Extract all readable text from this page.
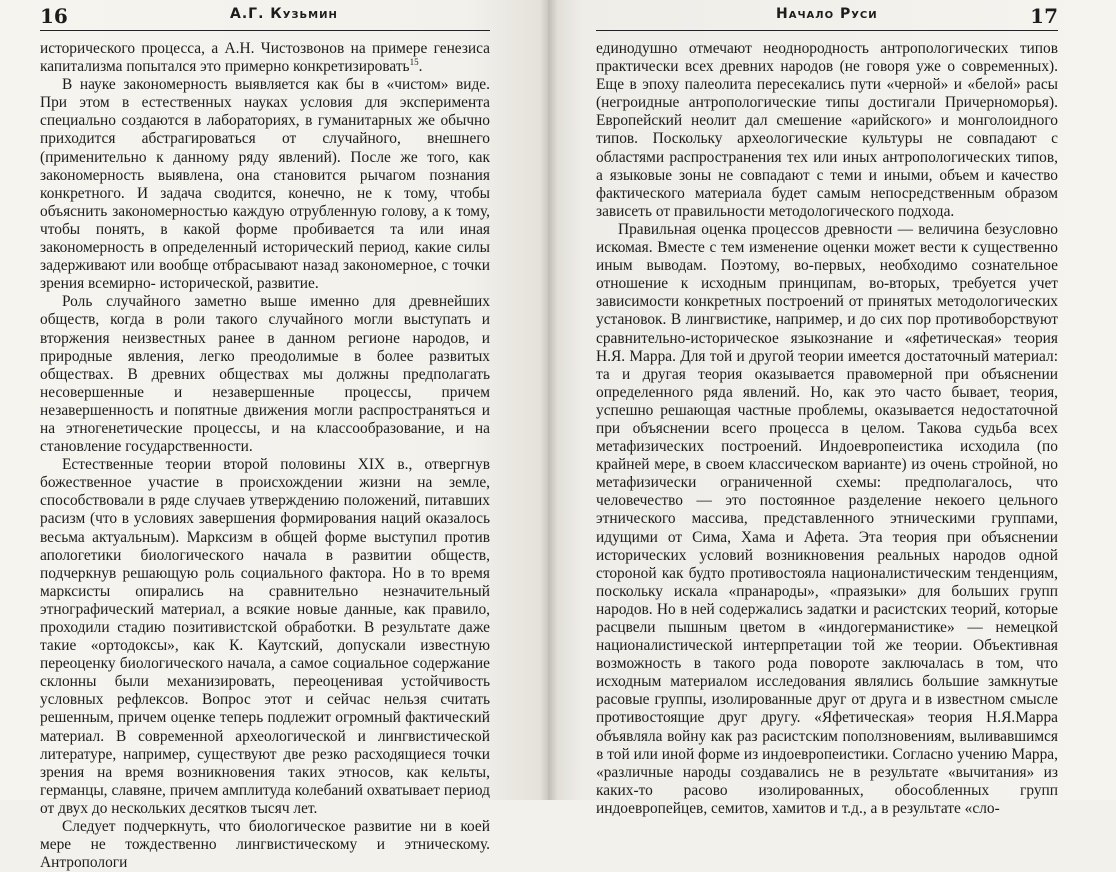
16	А.Г. Кузьмин

исторического процесса, а А.Н. Чистозвонов на примере генезиса капитализма попытался это примерно конкретизировать$^{15}$.

В науке закономерность выявляется как бы в «чистом» виде. При этом в естественных науках условия для эксперимента специально создаются в лабораториях, в гуманитарных же обычно приходится абстрагироваться от случайного, внешнего (применительно к данному ряду явлений). После же того, как закономерность выявлена, она становится рычагом познания конкретного. И задача сводится, конечно, не к тому, чтобы объяснить закономерностью каждую отрубленную голову, а к тому, чтобы понять, в какой форме пробивается та или иная закономерность в определенный исторический период, какие силы задерживают или вообще отбрасывают назад закономерное, с точки зрения всемирно- исторической, развитие.

Роль случайного заметно выше именно для древнейших обществ, когда в роли такого случайного могли выступать и вторжения неизвестных ранее в данном регионе народов, и природные явления, легко преодолимые в более развитых обществах. В древних обществах мы должны предполагать несовершенные и незавершенные процессы, причем незавершенность и попятные движения могли распространяться и на этногенетические процессы, и на классообразование, и на становление государственности.

Естественные теории второй половины XIX в., отвергнув божественное участие в происхождении жизни на земле, способствовали в ряде случаев утверждению положений, питавших расизм (что в условиях завершения формирования наций оказалось весьма актуальным). Марксизм в общей форме выступил против апологетики биологического начала в развитии обществ, подчеркнув решающую роль социального фактора. Но в то время марксисты опирались на сравнительно незначительный этнографический материал, а всякие новые данные, как правило, проходили стадию позитивистской обработки. В результате даже такие «ортодоксы», как К. Каутский, допускали известную переоценку биологического начала, а самое социальное содержание склонны были механизировать, переоценивая устойчивость условных рефлексов. Вопрос этот и сейчас нельзя считать решенным, причем оценке теперь подлежит огромный фактический материал. В современной археологической и лингвистической литературе, например, существуют две резко расходящиеся точки зрения на время возникновения таких этносов, как кельты, германцы, славяне, причем амплитуда колебаний охватывает период от двух до нескольких десятков тысяч лет.

Следует подчеркнуть, что биологическое развитие ни в коей мере не тождественно лингвистическому и этническому. Антропологи

Начало Руси	17

единодушно отмечают неоднородность антропологических типов практически всех древних народов (не говоря уже о современных). Еще в эпоху палеолита пересекались пути «черной» и «белой» расы (негроидные антропологические типы достигали Причерноморья). Европейский неолит дал смешение «арийского» и монголоидного типов. Поскольку археологические культуры не совпадают с областями распространения тех или иных антропологических типов, а языковые зоны не совпадают с теми и иными, объем и качество фактического материала будет самым непосредственным образом зависеть от правильности методологического подхода.

Правильная оценка процессов древности — величина безусловно искомая. Вместе с тем изменение оценки может вести к существенно иным выводам. Поэтому, во-первых, необходимо сознательное отношение к исходным принципам, во-вторых, требуется учет зависимости конкретных построений от принятых методологических установок. В лингвистике, например, и до сих пор противоборствуют сравнительно-историческое языкознание и «яфетическая» теория Н.Я. Марра. Для той и другой теории имеется достаточный материал: та и другая теория оказывается правомерной при объяснении определенного ряда явлений. Но, как это часто бывает, теория, успешно решающая частные проблемы, оказывается недостаточной при объяснении всего процесса в целом. Такова судьба всех метафизических построений. Индоевропеистика исходила (по крайней мере, в своем классическом варианте) из очень стройной, но метафизически ограниченной схемы: предполагалось, что человечество — это постоянное разделение некоего цельного этнического массива, представленного этническими группами, идущими от Сима, Хама и Афета. Эта теория при объяснении исторических условий возникновения реальных народов одной стороной как будто противостояла националистическим тенденциям, поскольку искала «пранароды», «праязыки» для больших групп народов. Но в ней содержались задатки и расистских теорий, которые расцвели пышным цветом в «индогерманистике» — немецкой националистической интерпретации той же теории. Объективная возможность в такого рода повороте заключалась в том, что исходным материалом исследования являлись большие замкнутые расовые группы, изолированные друг от друга и в известном смысле противостоящие друг другу. «Яфетическая» теория Н.Я.Марра объявляла войну как раз расистским поползновениям, выливавшимся в той или иной форме из индоевропеистики. Согласно учению Марра, «различные народы создавались не в результате «вычитания» из каких-то расово изолированных, обособленных групп индоевропейцев, семитов, хамитов и т.д., а в результате «сло-
